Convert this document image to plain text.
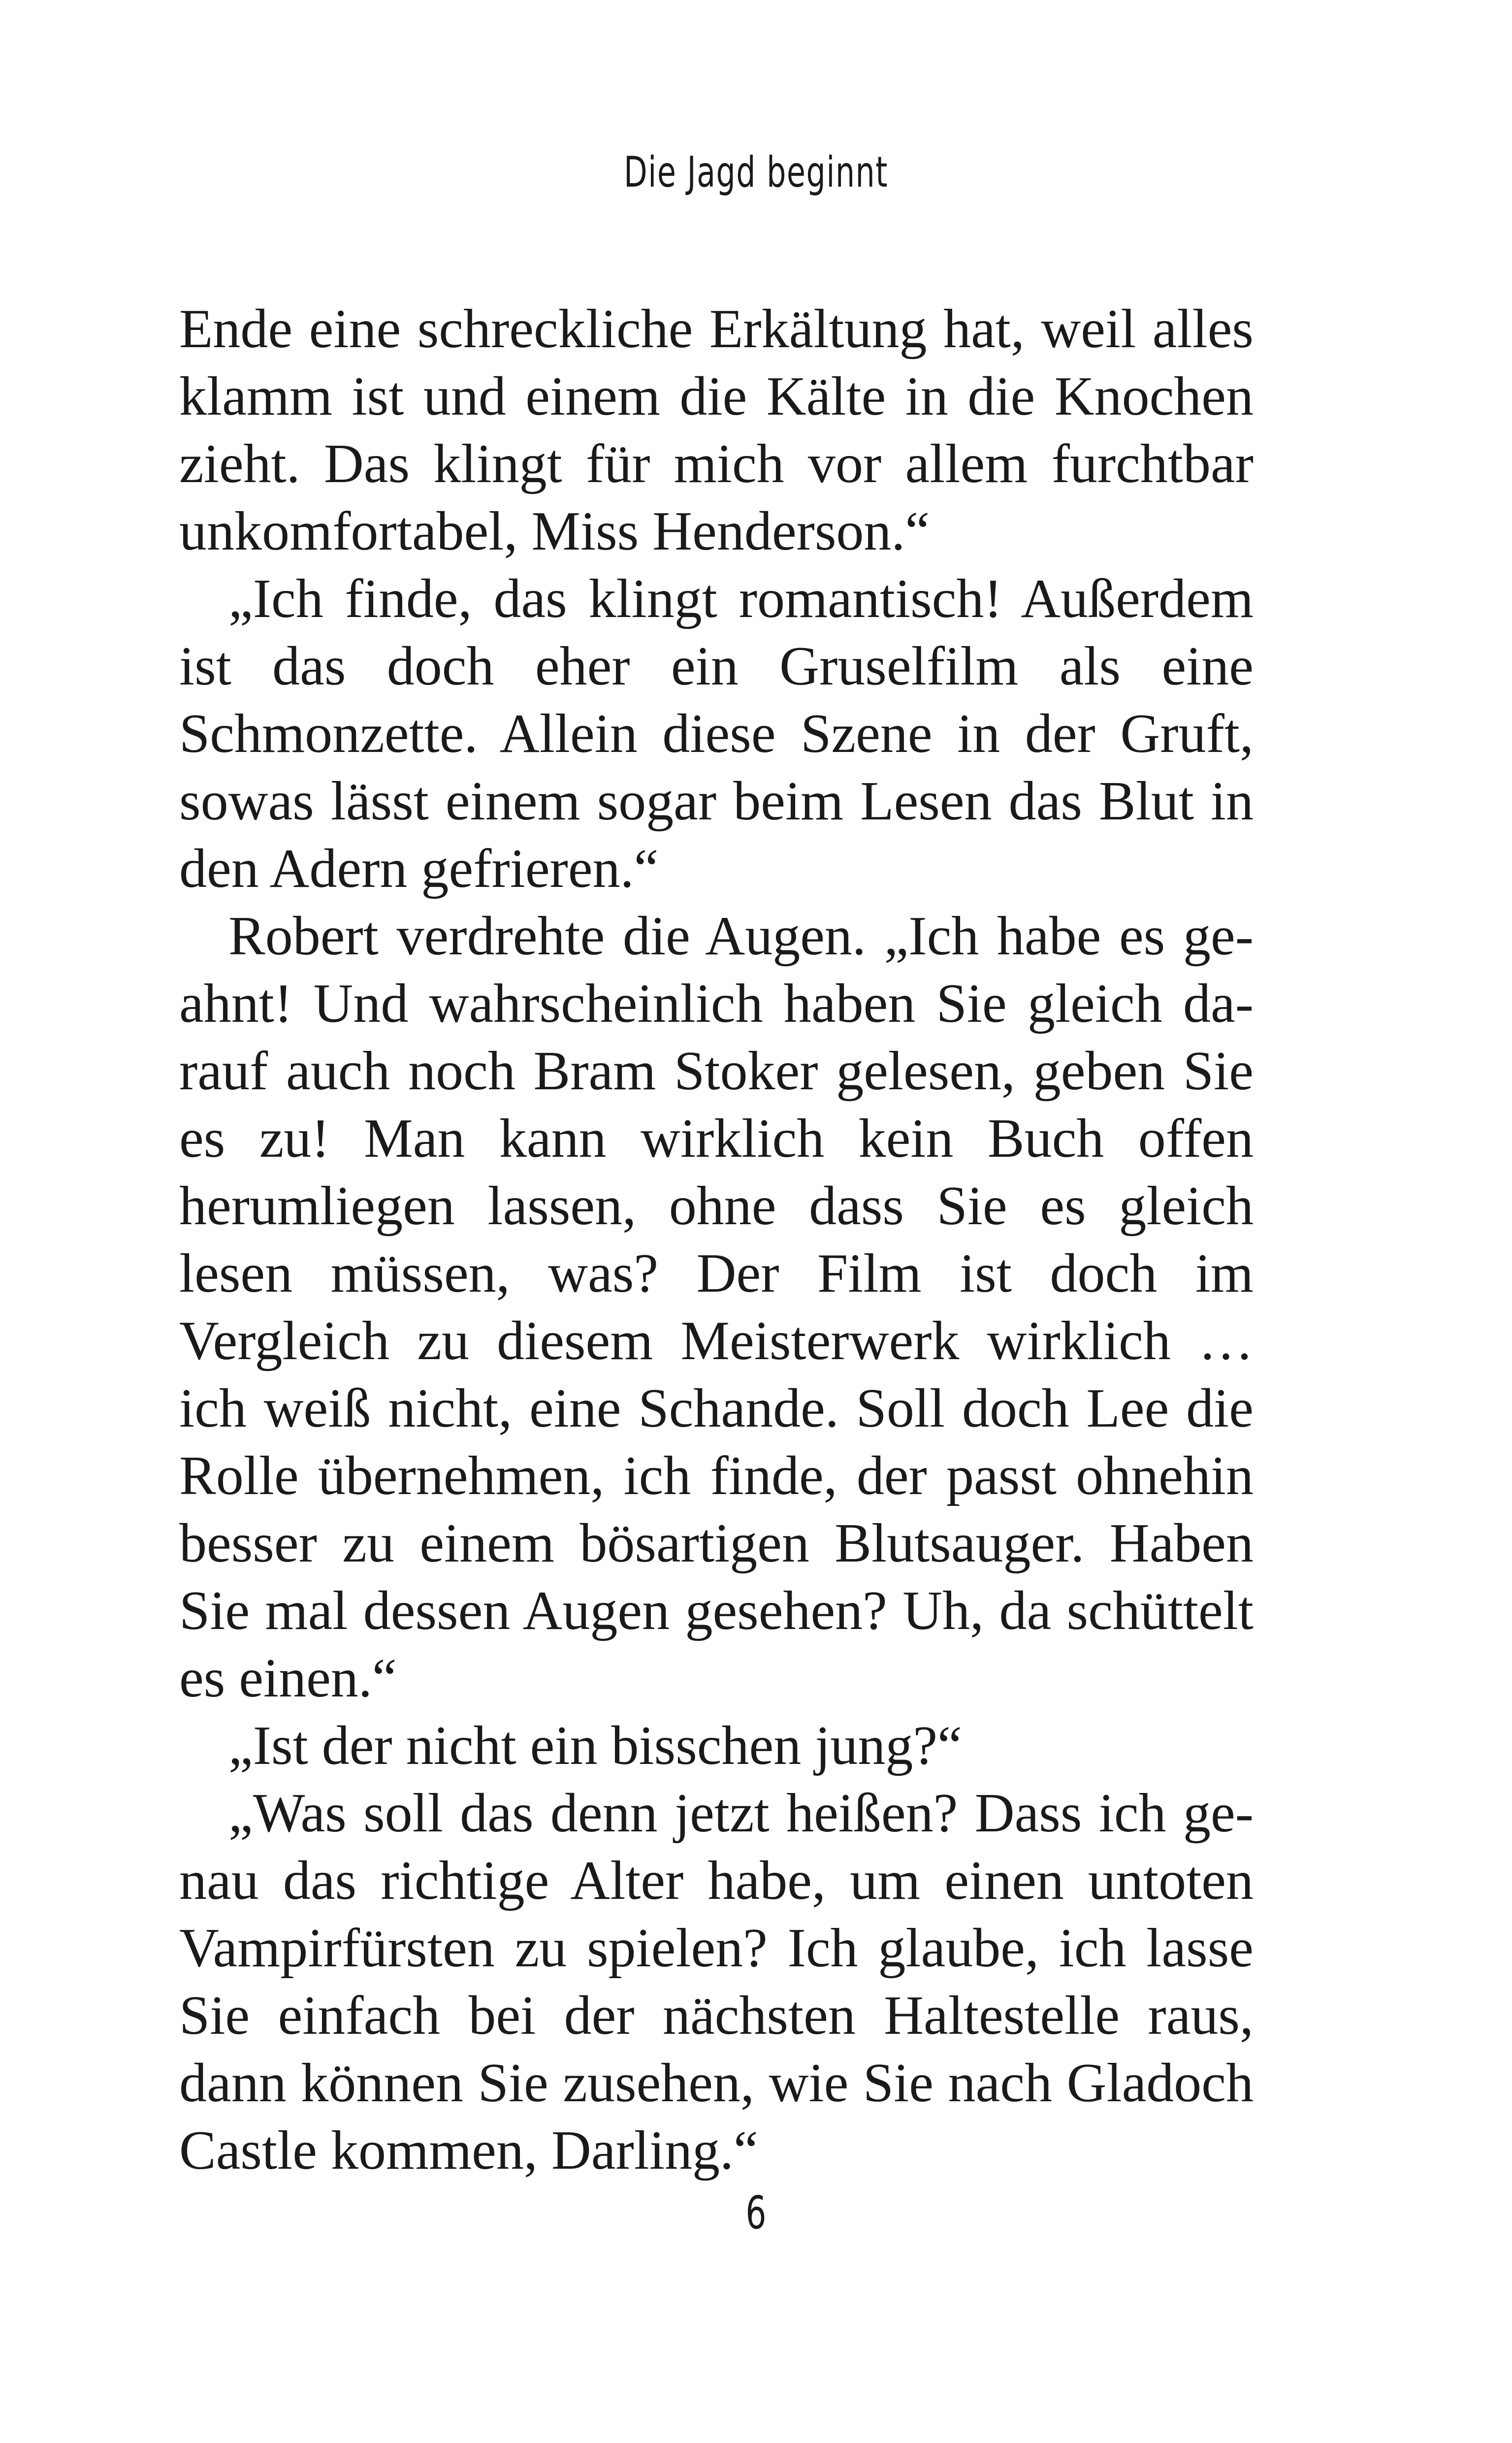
Die Jagd beginnt

Ende eine schreckliche Erkältung hat, weil alles klamm ist und einem die Kälte in die Knochen zieht. Das klingt für mich vor allem furchtbar unkomfortabel, Miss Henderson.“

„Ich finde, das klingt romantisch! Außerdem ist das doch eher ein Gruselfilm als eine Schmonzette. Allein diese Szene in der Gruft, sowas lässt einem sogar beim Lesen das Blut in den Adern gefrieren.“

Robert verdrehte die Augen. „Ich habe es geahnt! Und wahrscheinlich haben Sie gleich darauf auch noch Bram Stoker gelesen, geben Sie es zu! Man kann wirklich kein Buch offen herumliegen lassen, ohne dass Sie es gleich lesen müssen, was? Der Film ist doch im Vergleich zu diesem Meisterwerk wirklich … ich weiß nicht, eine Schande. Soll doch Lee die Rolle übernehmen, ich finde, der passt ohnehin besser zu einem bösartigen Blutsauger. Haben Sie mal dessen Augen gesehen? Uh, da schüttelt es einen.“

„Ist der nicht ein bisschen jung?“

„Was soll das denn jetzt heißen? Dass ich genau das richtige Alter habe, um einen untoten Vampirfürsten zu spielen? Ich glaube, ich lasse Sie einfach bei der nächsten Haltestelle raus, dann können Sie zusehen, wie Sie nach Gladoch Castle kommen, Darling.“

6
